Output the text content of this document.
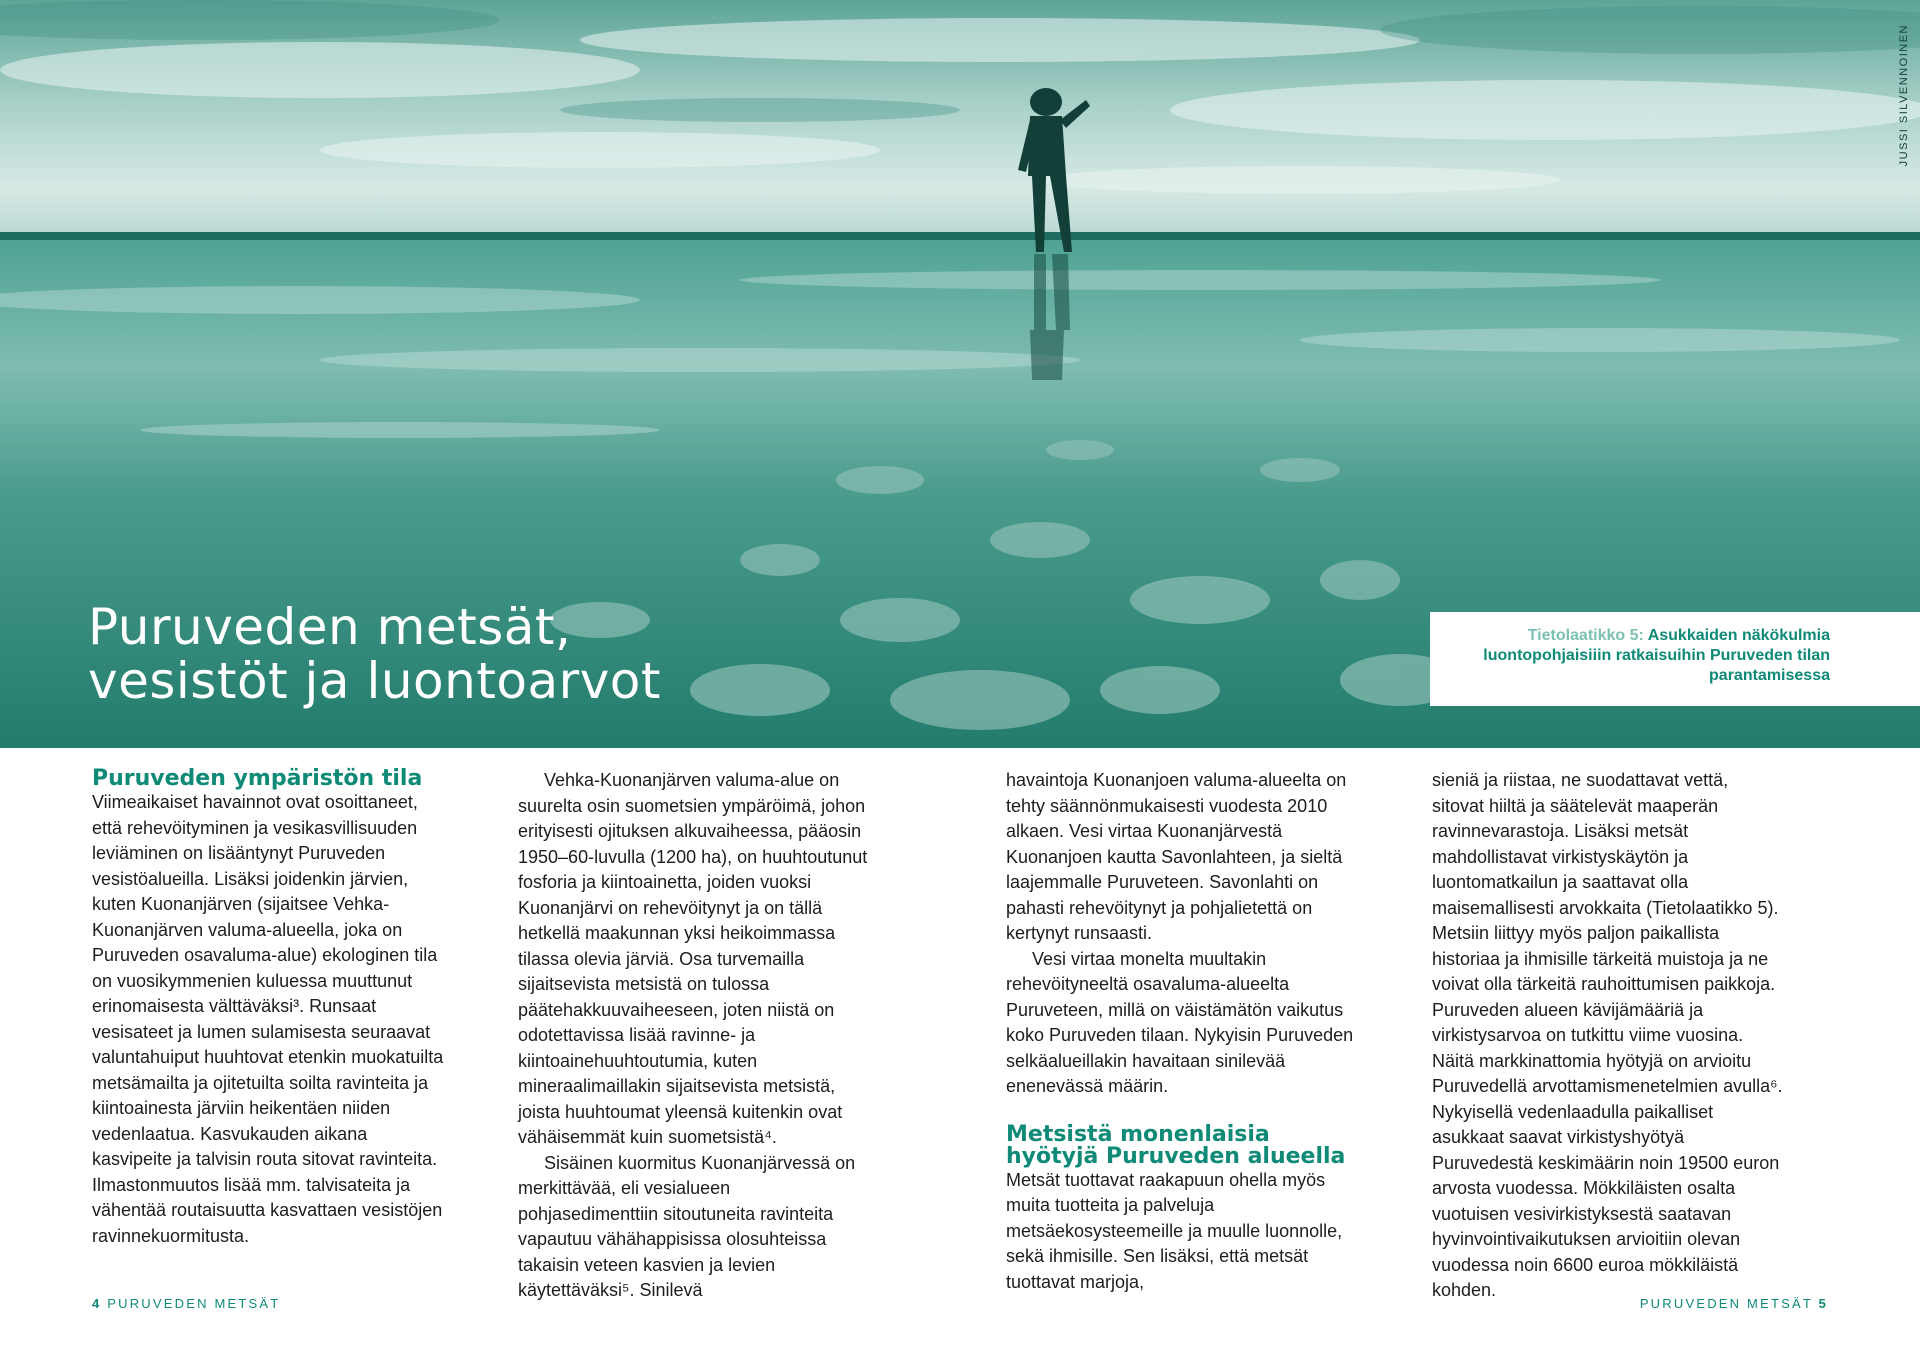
JUSSI SILVENNOINEN
Puruveden metsät,
vesistöt ja luontoarvot
Tietolaatikko 5: Asukkaiden näkökulmia luontopohjaisiiin ratkaisuihin Puruveden tilan parantamisessa
Puruveden ympäristön tila

Viimeaikaiset havainnot ovat osoittaneet, että rehevöityminen ja vesikasvillisuuden leviäminen on lisääntynyt Puruveden vesistöalueilla. Lisäksi joidenkin järvien, kuten Kuonanjärven (sijaitsee Vehka-Kuonanjärven valuma-alueella, joka on Puruveden osavaluma-alue) ekologinen tila on vuosikymmenien kuluessa muuttunut erinomaisesta välttäväksi³. Runsaat vesisateet ja lumen sulamisesta seuraavat valuntahuiput huuhtovat etenkin muokatuilta metsämailta ja ojitetuilta soilta ravinteita ja kiintoainesta järviin heikentäen niiden vedenlaatua. Kasvukauden aikana kasvipeite ja talvisin routa sitovat ravinteita. Ilmastonmuutos lisää mm. talvisateita ja vähentää routaisuutta kasvattaen vesistöjen ravinnekuormitusta.

Vehka-Kuonanjärven valuma-alue on suurelta osin suometsien ympäröimä, johon erityisesti ojituksen alkuvaiheessa, pääosin 1950–60-luvulla (1200 ha), on huuhtoutunut fosforia ja kiintoainetta, joiden vuoksi Kuonanjärvi on rehevöitynyt ja on tällä hetkellä maakunnan yksi heikoimmassa tilassa olevia järviä. Osa turvemailla sijaitsevista metsistä on tulossa päätehakkuuvaiheeseen, joten niistä on odotettavissa lisää ravinne- ja kiintoainehuuhtoutumia, kuten mineraalimaillakin sijaitsevista metsistä, joista huuhtoumat yleensä kuitenkin ovat vähäisemmät kuin suometsistä⁴.

Sisäinen kuormitus Kuonanjärvessä on merkittävää, eli vesialueen pohjasedimenttiin sitoutuneita ravinteita vapautuu vähähappisissa olosuhteissa takaisin veteen kasvien ja levien käytettäväksi⁵. Sinilevä

havaintoja Kuonanjoen valuma-alueelta on tehty säännönmukaisesti vuodesta 2010 alkaen. Vesi virtaa Kuonanjärvestä Kuonanjoen kautta Savonlahteen, ja sieltä laajemmalle Puruveteen. Savonlahti on pahasti rehevöitynyt ja pohjalietettä on kertynyt runsaasti.

Vesi virtaa monelta muultakin rehevöityneeltä osavaluma-alueelta Puruveteen, millä on väistämätön vaikutus koko Puruveden tilaan. Nykyisin Puruveden selkäalueillakin havaitaan sinilevää enenevässä määrin.

Metsistä monenlaisia hyötyjä Puruveden alueella

Metsät tuottavat raakapuun ohella myös muita tuotteita ja palveluja metsäekosysteemeille ja muulle luonnolle, sekä ihmisille. Sen lisäksi, että metsät tuottavat marjoja,

sieniä ja riistaa, ne suodattavat vettä, sitovat hiiltä ja säätelevät maaperän ravinnevarastoja. Lisäksi metsät mahdollistavat virkistyskäytön ja luontomatkailun ja saattavat olla maisemallisesti arvokkaita (Tietolaatikko 5). Metsiin liittyy myös paljon paikallista historiaa ja ihmisille tärkeitä muistoja ja ne voivat olla tärkeitä rauhoittumisen paikkoja. Puruveden alueen kävijämääriä ja virkistysarvoa on tutkittu viime vuosina. Näitä markkinattomia hyötyjä on arvioitu Puruvedellä arvottamismenetelmien avulla⁶. Nykyisellä vedenlaadulla paikalliset asukkaat saavat virkistyshyötyä Puruvedestä keskimäärin noin 19500 euron arvosta vuodessa. Mökkiläisten osalta vuotuisen vesivirkistyksestä saatavan hyvinvointivaikutuksen arvioitiin olevan vuodessa noin 6600 euroa mökkiläistä kohden.

4 PURUVEDEN METSÄT	PURUVEDEN METSÄT 5
